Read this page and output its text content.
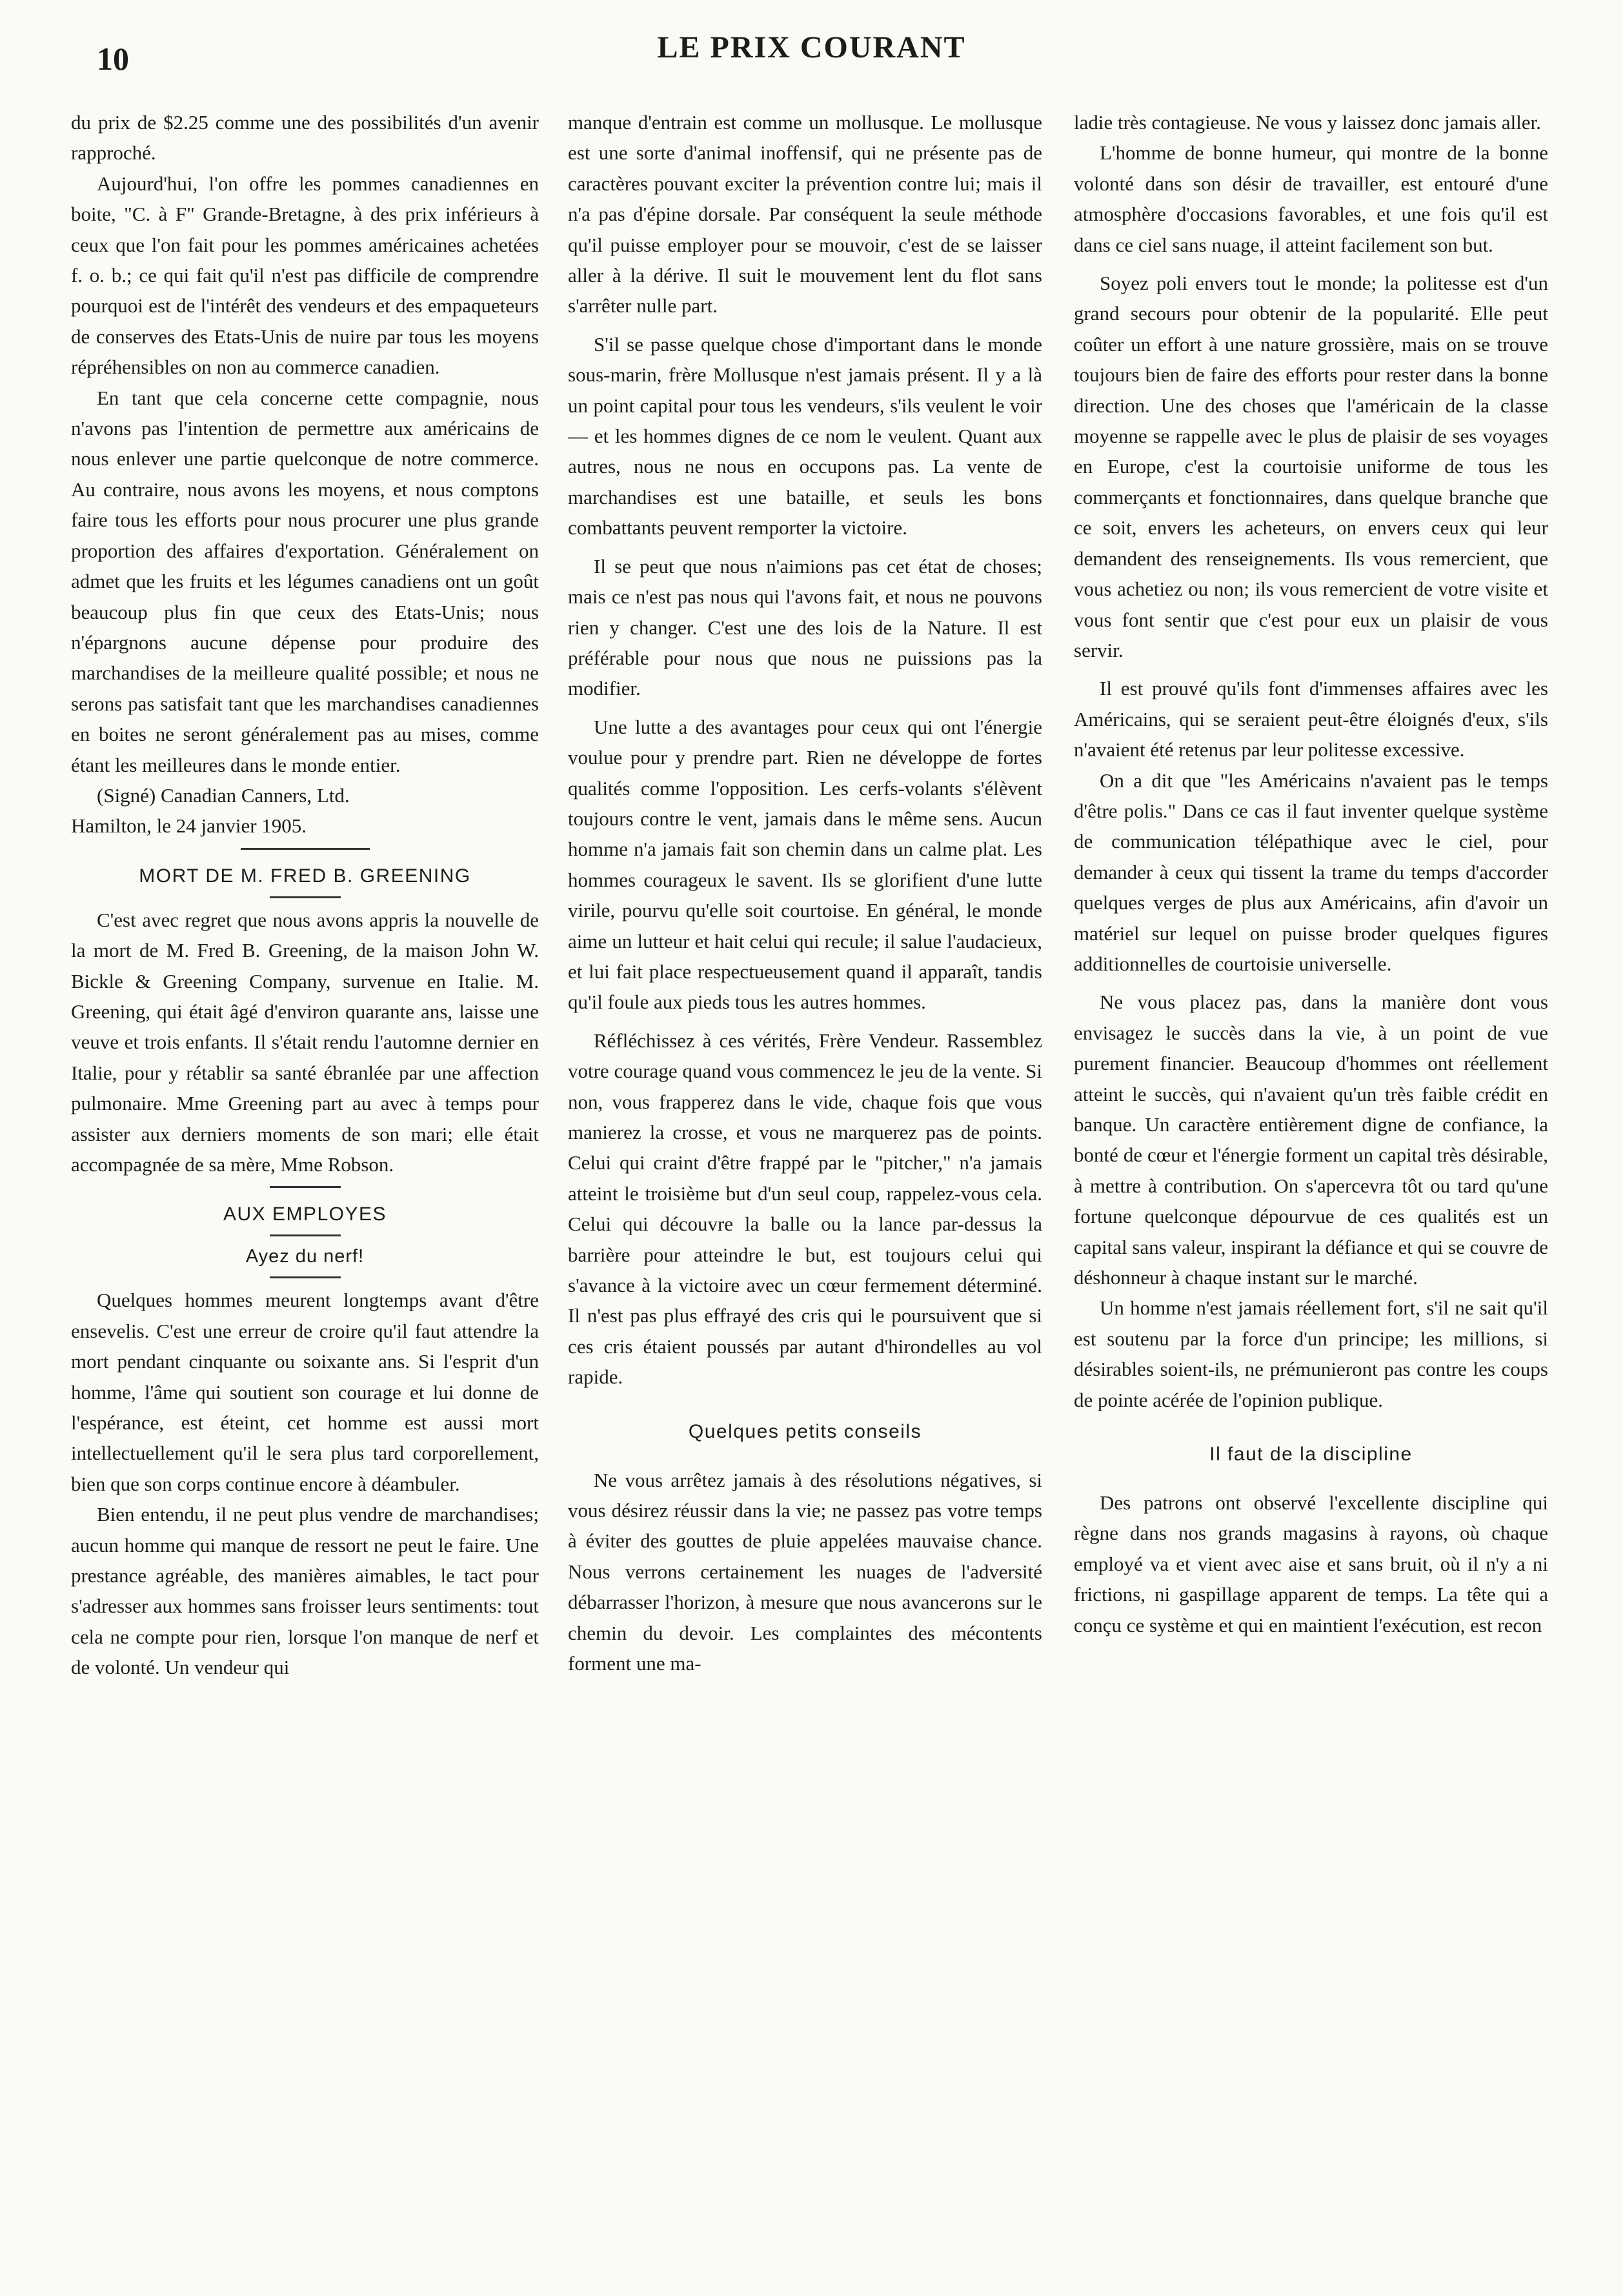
10	LE PRIX COURANT

du prix de $2.25 comme une des possibilités d'un avenir rapproché.

Aujourd'hui, l'on offre les pommes canadiennes en boite, "C. à F" Grande-Bretagne, à des prix inférieurs à ceux que l'on fait pour les pommes américaines achetées f. o. b.; ce qui fait qu'il n'est pas difficile de comprendre pourquoi est de l'intérêt des vendeurs et des empaqueteurs de conserves des Etats-Unis de nuire par tous les moyens répréhensibles on non au commerce canadien.

En tant que cela concerne cette compagnie, nous n'avons pas l'intention de permettre aux américains de nous enlever une partie quelconque de notre commerce. Au contraire, nous avons les moyens, et nous comptons faire tous les efforts pour nous procurer une plus grande proportion des affaires d'exportation. Généralement on admet que les fruits et les légumes canadiens ont un goût beaucoup plus fin que ceux des Etats-Unis; nous n'épargnons aucune dépense pour produire des marchandises de la meilleure qualité possible; et nous ne serons pas satisfait tant que les marchandises canadiennes en boites ne seront généralement pas au mises, comme étant les meilleures dans le monde entier.

(Signé) Canadian Canners, Ltd.

Hamilton, le 24 janvier 1905.

MORT DE M. FRED B. GREENING

C'est avec regret que nous avons appris la nouvelle de la mort de M. Fred B. Greening, de la maison John W. Bickle & Greening Company, survenue en Italie. M. Greening, qui était âgé d'environ quarante ans, laisse une veuve et trois enfants. Il s'était rendu l'automne dernier en Italie, pour y rétablir sa santé ébranlée par une affection pulmonaire. Mme Greening part au avec à temps pour assister aux derniers moments de son mari; elle était accompagnée de sa mère, Mme Robson.

AUX EMPLOYES
Ayez du nerf!

Quelques hommes meurent longtemps avant d'être ensevelis. C'est une erreur de croire qu'il faut attendre la mort pendant cinquante ou soixante ans. Si l'esprit d'un homme, l'âme qui soutient son courage et lui donne de l'espérance, est éteint, cet homme est aussi mort intellectuellement qu'il le sera plus tard corporellement, bien que son corps continue encore à déambuler.

Bien entendu, il ne peut plus vendre de marchandises; aucun homme qui manque de ressort ne peut le faire. Une prestance agréable, des manières aimables, le tact pour s'adresser aux hommes sans froisser leurs sentiments: tout cela ne compte pour rien, lorsque l'on manque de nerf et de volonté. Un vendeur qui

manque d'entrain est comme un mollusque. Le mollusque est une sorte d'animal inoffensif, qui ne présente pas de caractères pouvant exciter la prévention contre lui; mais il n'a pas d'épine dorsale. Par conséquent la seule méthode qu'il puisse employer pour se mouvoir, c'est de se laisser aller à la dérive. Il suit le mouvement lent du flot sans s'arrêter nulle part.

S'il se passe quelque chose d'important dans le monde sous-marin, frère Mollusque n'est jamais présent. Il y a là un point capital pour tous les vendeurs, s'ils veulent le voir — et les hommes dignes de ce nom le veulent. Quant aux autres, nous ne nous en occupons pas. La vente de marchandises est une bataille, et seuls les bons combattants peuvent remporter la victoire.

Il se peut que nous n'aimions pas cet état de choses; mais ce n'est pas nous qui l'avons fait, et nous ne pouvons rien y changer. C'est une des lois de la Nature. Il est préférable pour nous que nous ne puissions pas la modifier.

Une lutte a des avantages pour ceux qui ont l'énergie voulue pour y prendre part. Rien ne développe de fortes qualités comme l'opposition. Les cerfs-volants s'élèvent toujours contre le vent, jamais dans le même sens. Aucun homme n'a jamais fait son chemin dans un calme plat. Les hommes courageux le savent. Ils se glorifient d'une lutte virile, pourvu qu'elle soit courtoise. En général, le monde aime un lutteur et hait celui qui recule; il salue l'audacieux, et lui fait place respectueusement quand il apparaît, tandis qu'il foule aux pieds tous les autres hommes.

Réfléchissez à ces vérités, Frère Vendeur. Rassemblez votre courage quand vous commencez le jeu de la vente. Si non, vous frapperez dans le vide, chaque fois que vous manierez la crosse, et vous ne marquerez pas de points. Celui qui craint d'être frappé par le "pitcher," n'a jamais atteint le troisième but d'un seul coup, rappelez-vous cela. Celui qui découvre la balle ou la lance par-dessus la barrière pour atteindre le but, est toujours celui qui s'avance à la victoire avec un cœur fermement déterminé. Il n'est pas plus effrayé des cris qui le poursuivent que si ces cris étaient poussés par autant d'hirondelles au vol rapide.

Quelques petits conseils

Ne vous arrêtez jamais à des résolutions négatives, si vous désirez réussir dans la vie; ne passez pas votre temps à éviter des gouttes de pluie appelées mauvaise chance. Nous verrons certainement les nuages de l'adversité débarrasser l'horizon, à mesure que nous avancerons sur le chemin du devoir. Les complaintes des mécontents forment une ma-

ladie très contagieuse. Ne vous y laissez donc jamais aller.

L'homme de bonne humeur, qui montre de la bonne volonté dans son désir de travailler, est entouré d'une atmosphère d'occasions favorables, et une fois qu'il est dans ce ciel sans nuage, il atteint facilement son but.

Soyez poli envers tout le monde; la politesse est d'un grand secours pour obtenir de la popularité. Elle peut coûter un effort à une nature grossière, mais on se trouve toujours bien de faire des efforts pour rester dans la bonne direction. Une des choses que l'américain de la classe moyenne se rappelle avec le plus de plaisir de ses voyages en Europe, c'est la courtoisie uniforme de tous les commerçants et fonctionnaires, dans quelque branche que ce soit, envers les acheteurs, on envers ceux qui leur demandent des renseignements. Ils vous remercient, que vous achetiez ou non; ils vous remercient de votre visite et vous font sentir que c'est pour eux un plaisir de vous servir.

Il est prouvé qu'ils font d'immenses affaires avec les Américains, qui se seraient peut-être éloignés d'eux, s'ils n'avaient été retenus par leur politesse excessive.

On a dit que "les Américains n'avaient pas le temps d'être polis." Dans ce cas il faut inventer quelque système de communication télépathique avec le ciel, pour demander à ceux qui tissent la trame du temps d'accorder quelques verges de plus aux Américains, afin d'avoir un matériel sur lequel on puisse broder quelques figures additionnelles de courtoisie universelle.

Ne vous placez pas, dans la manière dont vous envisagez le succès dans la vie, à un point de vue purement financier. Beaucoup d'hommes ont réellement atteint le succès, qui n'avaient qu'un très faible crédit en banque. Un caractère entièrement digne de confiance, la bonté de cœur et l'énergie forment un capital très désirable, à mettre à contribution. On s'apercevra tôt ou tard qu'une fortune quelconque dépourvue de ces qualités est un capital sans valeur, inspirant la défiance et qui se couvre de déshonneur à chaque instant sur le marché.

Un homme n'est jamais réellement fort, s'il ne sait qu'il est soutenu par la force d'un principe; les millions, si désirables soient-ils, ne prémunieront pas contre les coups de pointe acérée de l'opinion publique.

Il faut de la discipline

Des patrons ont observé l'excellente discipline qui règne dans nos grands magasins à rayons, où chaque employé va et vient avec aise et sans bruit, où il n'y a ni frictions, ni gaspillage apparent de temps. La tête qui a conçu ce système et qui en maintient l'exécution, est recon
